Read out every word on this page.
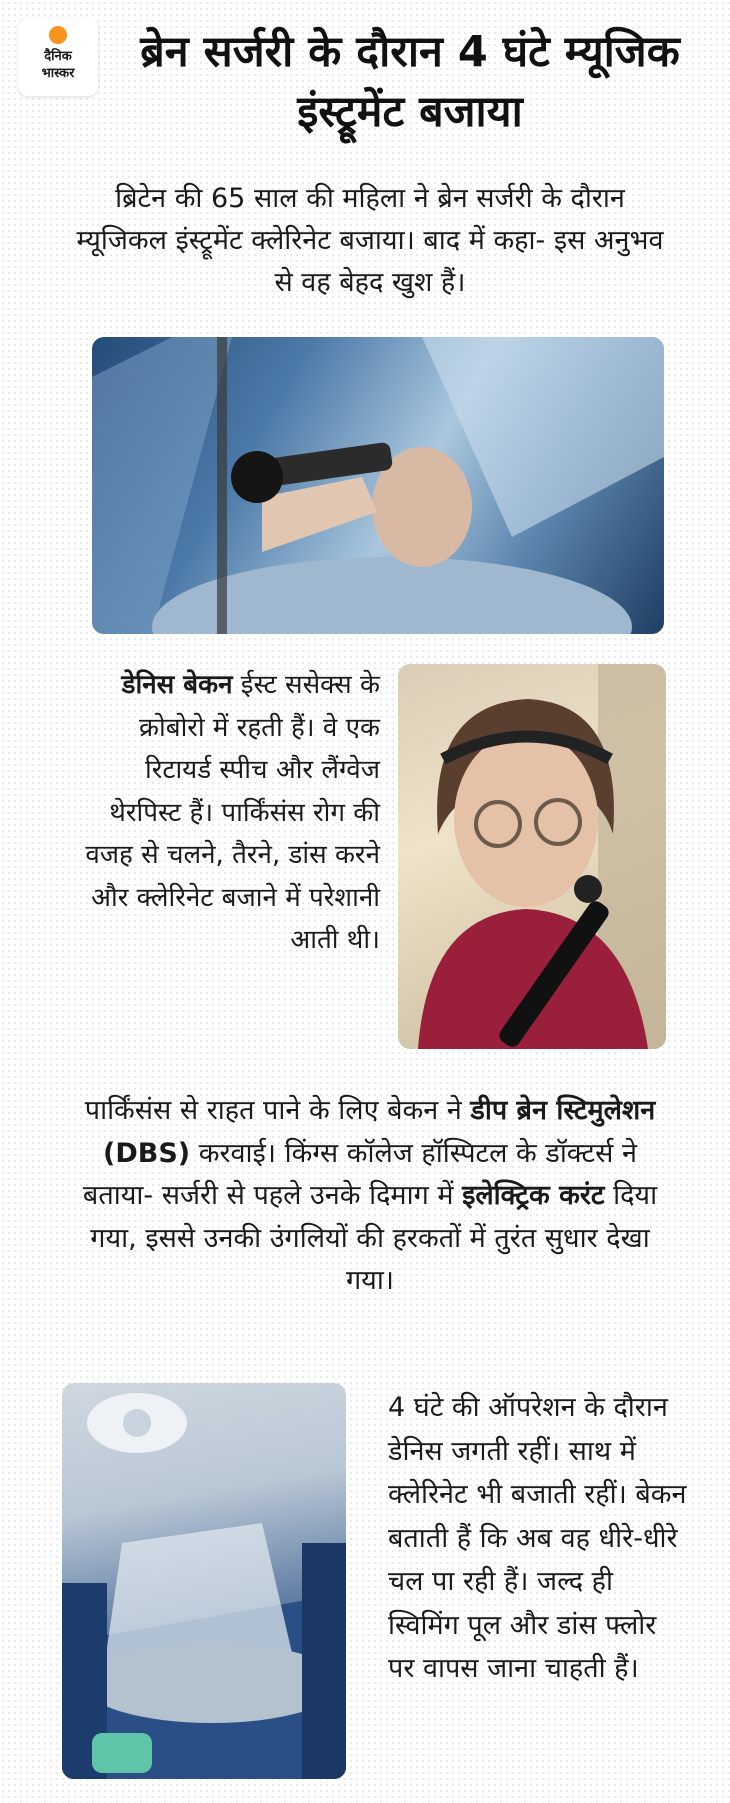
दैनिक
भास्कर	ब्रेन सर्जरी के दौरान 4 घंटे म्यूजिक इंस्ट्रूमेंट बजाया
ब्रिटेन की 65 साल की महिला ने ब्रेन सर्जरी के दौरान म्यूजिकल इंस्ट्रूमेंट क्लेरिनेट बजाया। बाद में कहा- इस अनुभव से वह बेहद खुश हैं।
डेनिस बेकन ईस्ट ससेक्स के क्रोबोरो में रहती हैं। वे एक रिटायर्ड स्पीच और लैंग्वेज थेरपिस्ट हैं। पार्किंसंस रोग की वजह से चलने, तैरने, डांस करने और क्लेरिनेट बजाने में परेशानी आती थी।
पार्किंसंस से राहत पाने के लिए बेकन ने डीप ब्रेन स्टिमुलेशन (DBS) करवाई। किंग्स कॉलेज हॉस्पिटल के डॉक्टर्स ने बताया- सर्जरी से पहले उनके दिमाग में इलेक्ट्रिक करंट दिया गया, इससे उनकी उंगलियों की हरकतों में तुरंत सुधार देखा गया।
4 घंटे की ऑपरेशन के दौरान डेनिस जगती रहीं। साथ में क्लेरिनेट भी बजाती रहीं। बेकन बताती हैं कि अब वह धीरे-धीरे चल पा रही हैं। जल्द ही स्विमिंग पूल और डांस फ्लोर पर वापस जाना चाहती हैं।
